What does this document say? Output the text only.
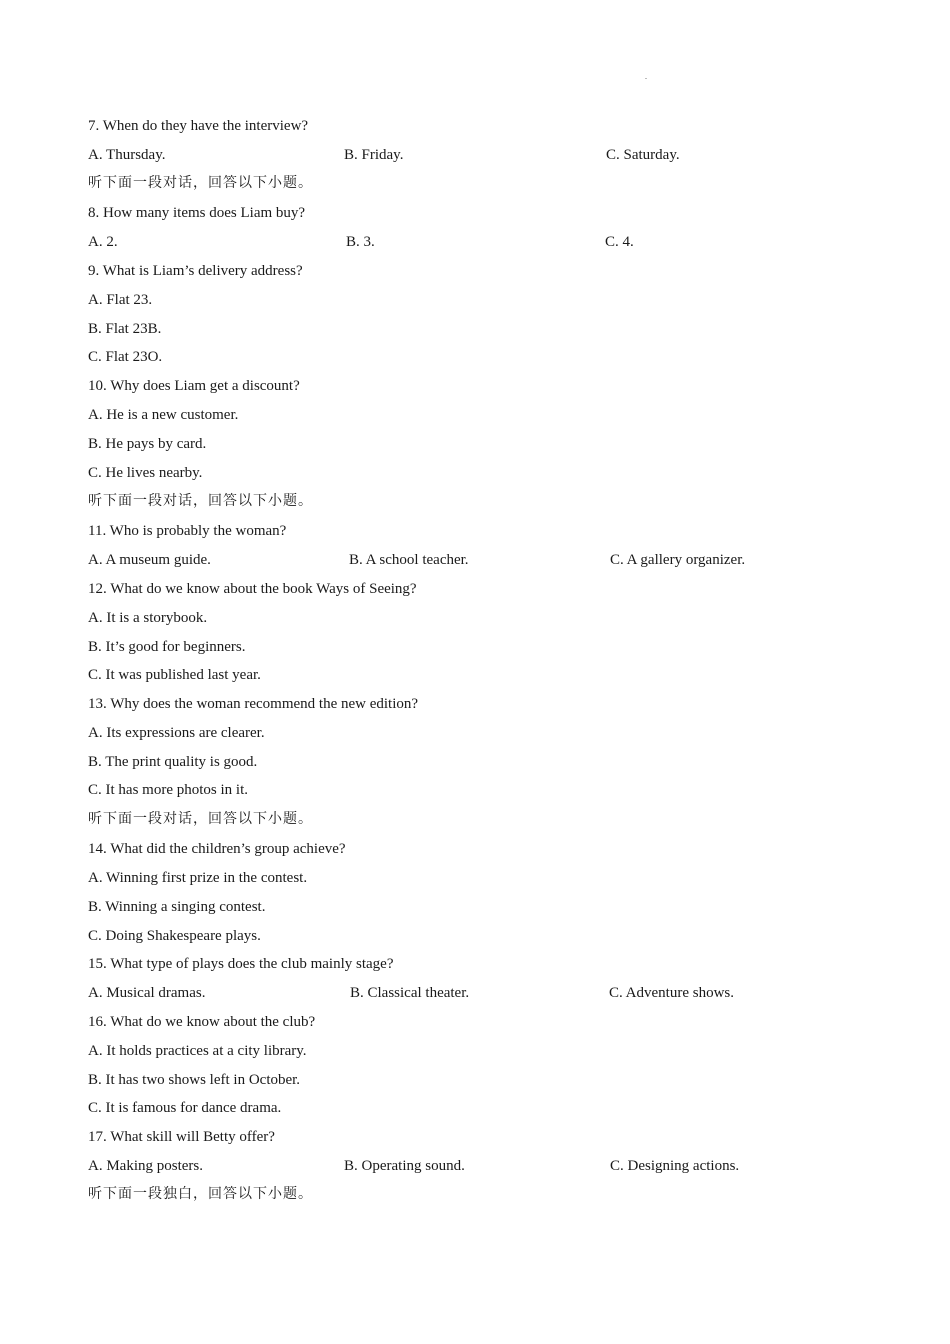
7. When do they have the interview?
A. Thursday.	B. Friday.	C. Saturday.
听下面一段对话，回答以下小题。
8. How many items does Liam buy?
A. 2.	B. 3.	C. 4.
9. What is Liam’s delivery address?
A. Flat 23.
B. Flat 23B.
C. Flat 23O.
10. Why does Liam get a discount?
A. He is a new customer.
B. He pays by card.
C. He lives nearby.
听下面一段对话，回答以下小题。
11. Who is probably the woman?
A. A museum guide.	B. A school teacher.	C. A gallery organizer.
12. What do we know about the book Ways of Seeing?
A. It is a storybook.
B. It’s good for beginners.
C. It was published last year.
13. Why does the woman recommend the new edition?
A. Its expressions are clearer.
B. The print quality is good.
C. It has more photos in it.
听下面一段对话，回答以下小题。
14. What did the children’s group achieve?
A. Winning first prize in the contest.
B. Winning a singing contest.
C. Doing Shakespeare plays.
15. What type of plays does the club mainly stage?
A. Musical dramas.	B. Classical theater.	C. Adventure shows.
16. What do we know about the club?
A. It holds practices at a city library.
B. It has two shows left in October.
C. It is famous for dance drama.
17. What skill will Betty offer?
A. Making posters.	B. Operating sound.	C. Designing actions.
听下面一段独白，回答以下小题。
